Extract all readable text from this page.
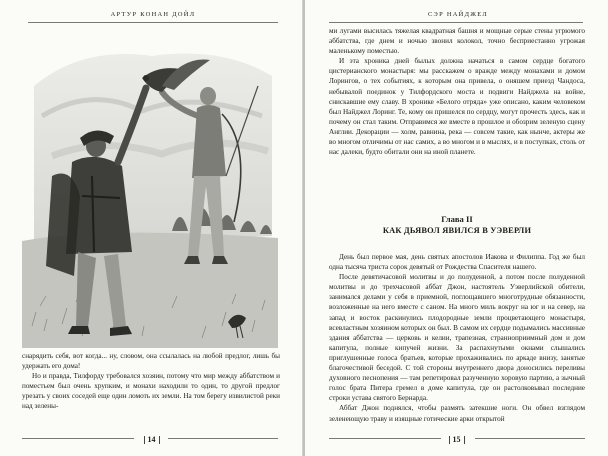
АРТУР КОНАН ДОЙЛ

снарядить себя, вот когда... ну, словом, она ссылалась на любой предлог, лишь бы удержать его дома!

Но и правда, Тилфорду требовался хозяин, потому что мир между аббатством и поместьем был очень хрупким, и монахи находили то один, то другой предлог урезать у своих соседей еще один ломоть их земли. На том берегу извилистой реки над зелены-

14
СЭР НАЙДЖЕЛ

ми лугами высилась тяжелая квадратная башня и мощные серые стены угрюмого аббатства, где днем и ночью звонил колокол, точно бесприестанно угрожая маленькому поместью.

И эта хроника дней былых должна начаться в самом сердце богатого цистерианского монастыря: мы расскажем о вражде между монахами и домом Лорингов, о тех событиях, к которым она привела, о оняшем приезд Чандоса, небывалой поединок у Тилфордского моста и подвиги Найджела на войне, снискавшие ему славу. В хронике «Белого отряда» уже описано, каким человеком был Найджел Лоринг. Те, кому он пришелся по сердцу, могут прочесть здесь, как и почему он стал таким. Отправимся же вместе в прошлое и обозрим зеленую сцену Англии. Декорации — холм, равнина, река — совсем такие, как нынче, актеры же во многом отличимы от нас самих, а во многом и в мыслях, и в поступках, столь от нас далеки, будто обитали они на иной планете.

Глава II
КАК ДЬЯВОЛ ЯВИЛСЯ В УЭВЕРЛИ

День был первое мая, день святых апостолов Иакова и Филиппа. Год же был одна тысяча триста сорок девятый от Рождества Спасителя нашего.

После девятичасовой молитвы и до полуденной, а потом после полуденной молитвы и до трехчасовой аббат Джон, настоятель Уэверлийской обители, занимался делами у себя в приемной, поглощавшего многотрудные обязанности, возложенные на него вместе с саном. На много миль вокруг на юг и на север, на запад и восток раскинулись плодородные земли процветающего монастыря, всевластным хозяином которых он был. В самом их сердце подымались массивные здания аббатства — церковь и келии, трапезная, странноприимный дом и дом капитула, полные кипучей жизни. За распахнутыми окнами слышались приглушенные голоса братьев, которые прохаживались по аркаде внизу, занятые благочестивой беседой. С той стороны внутреннего двора доносились переливы духовного песнопения — там репетировал разученную хоровую партию, а зычный голос брата Питера гремел в доме капитула, где он растолковывал последние строки устава святого Бернарда.

Аббат Джон поднялся, чтобы размять затекшие ноги. Он обвел взглядом зеленеющую траву и изящные готические арки открытой

15
